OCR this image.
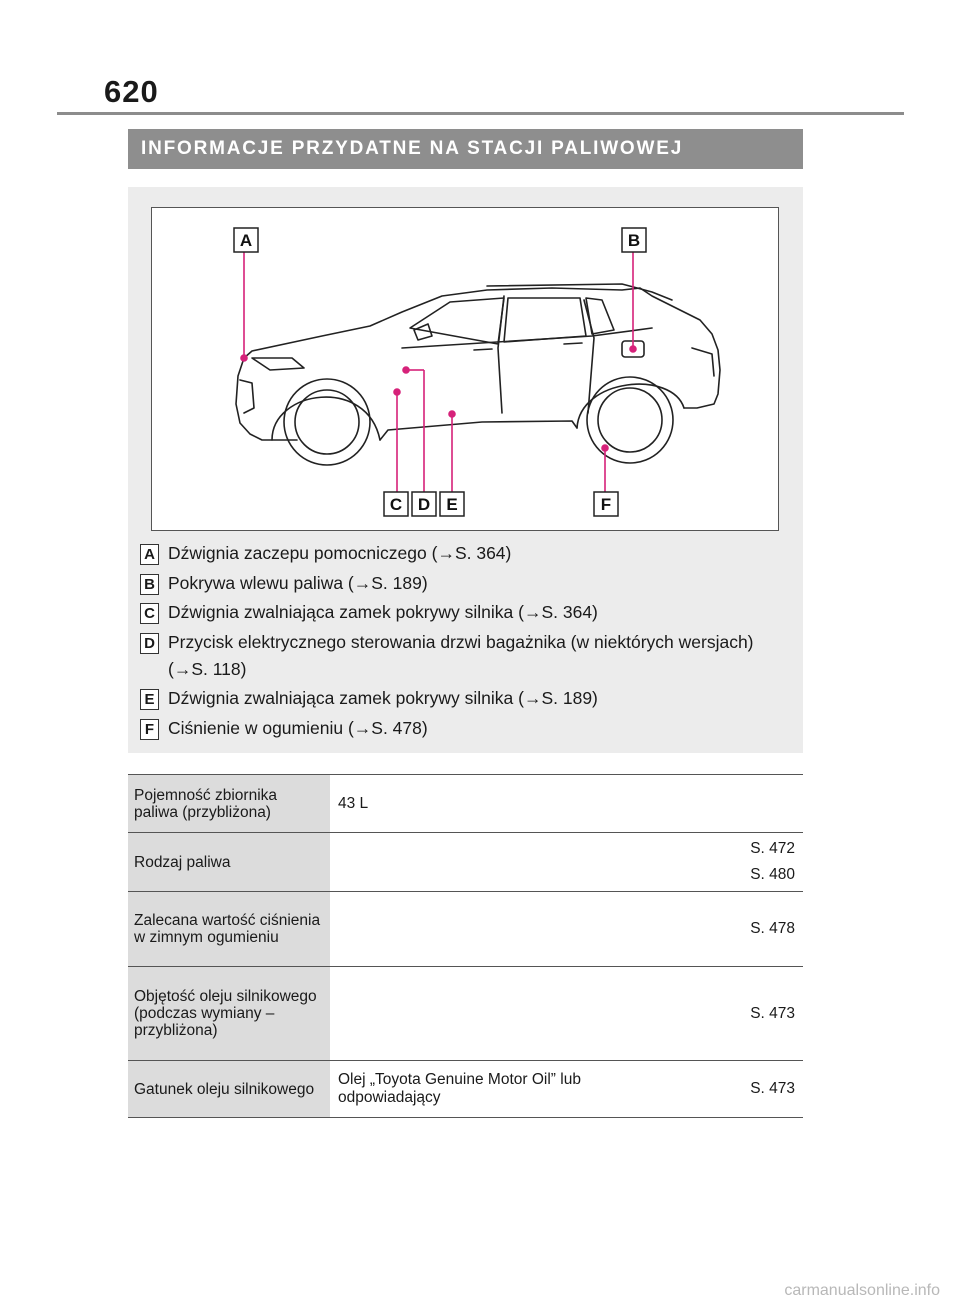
620
INFORMACJE PRZYDATNE NA STACJI PALIWOWEJ
A	B
C D E	F
A Dźwignia zaczepu pomocniczego (→S. 364)
B Pokrywa wlewu paliwa (→S. 189)
C Dźwignia zwalniająca zamek pokrywy silnika (→S. 364)
D Przycisk elektrycznego sterowania drzwi bagażnika (w niektórych wersjach) (→S. 118)
E Dźwignia zwalniająca zamek pokrywy silnika (→S. 189)
F Ciśnienie w ogumieniu (→S. 478)
Pojemność zbiornika paliwa (przybliżona)	43 L	
Rodzaj paliwa		S. 472
S. 480

Zalecana wartość ciśnienia w zimnym ogumieniu		S. 478

Objętość oleju silnikowego (podczas wymiany – przybliżona)		S. 473

Gatunek oleju silnikowego	Olej „Toyota Genuine Motor Oil” lub odpowiadający	S. 473
carmanualsonline.info
